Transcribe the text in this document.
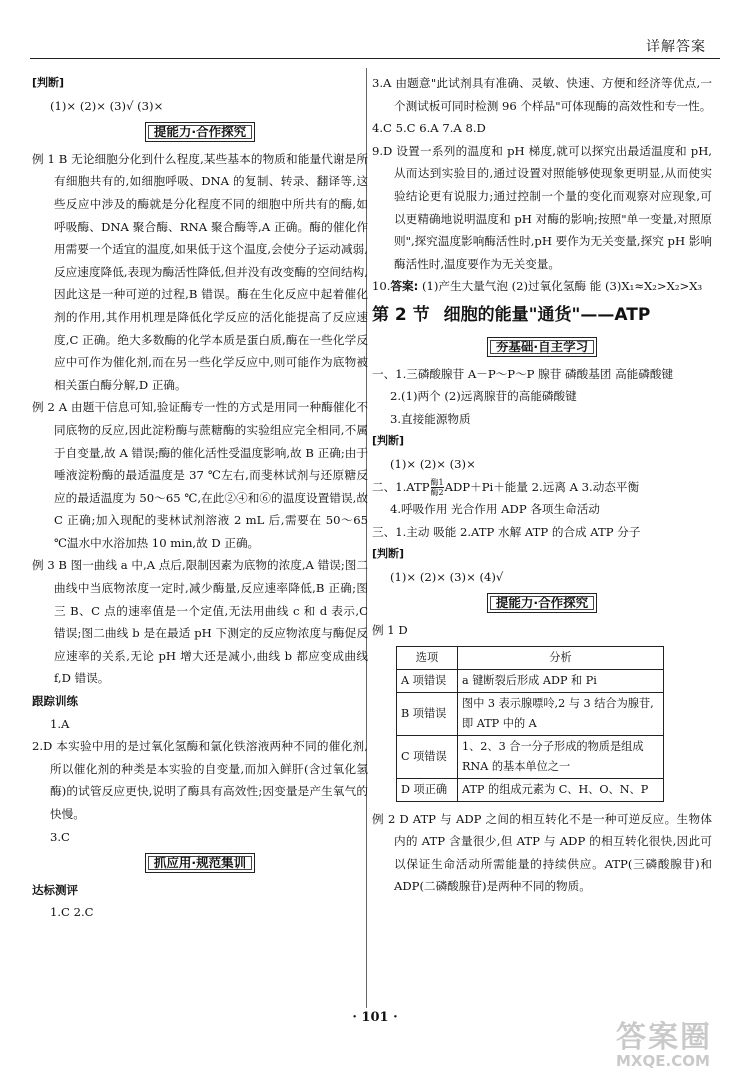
详解答案

[判断]

(1)× (2)× (3)√ (3)×

提能力·合作探究

例 1 B 无论细胞分化到什么程度,某些基本的物质和能量代谢是所有细胞共有的,如细胞呼吸、DNA 的复制、转录、翻译等,这些反应中涉及的酶就是分化程度不同的细胞中所共有的酶,如呼吸酶、DNA 聚合酶、RNA 聚合酶等,A 正确。酶的催化作用需要一个适宜的温度,如果低于这个温度,会使分子运动减弱,反应速度降低,表现为酶活性降低,但并没有改变酶的空间结构,因此这是一种可逆的过程,B 错误。酶在生化反应中起着催化剂的作用,其作用机理是降低化学反应的活化能提高了反应速度,C 正确。绝大多数酶的化学本质是蛋白质,酶在一些化学反应中可作为催化剂,而在另一些化学反应中,则可能作为底物被相关蛋白酶分解,D 正确。

例 2 A 由题干信息可知,验证酶专一性的方式是用同一种酶催化不同底物的反应,因此淀粉酶与蔗糖酶的实验组应完全相同,不属于自变量,故 A 错误;酶的催化活性受温度影响,故 B 正确;由于唾液淀粉酶的最适温度是 37 ℃左右,而斐林试剂与还原糖反应的最适温度为 50～65 ℃,在此②④和⑥的温度设置错误,故 C 正确;加入现配的斐林试剂溶液 2 mL 后,需要在 50～65 ℃温水中水浴加热 10 min,故 D 正确。

例 3 B 图一曲线 a 中,A 点后,限制因素为底物的浓度,A 错误;图二曲线中当底物浓度一定时,减少酶量,反应速率降低,B 正确;图三 B、C 点的速率值是一个定值,无法用曲线 c 和 d 表示,C 错误;图二曲线 b 是在最适 pH 下测定的反应物浓度与酶促反应速率的关系,无论 pH 增大还是减小,曲线 b 都应变成曲线 f,D 错误。

跟踪训练

1.A

2.D 本实验中用的是过氧化氢酶和氯化铁溶液两种不同的催化剂,所以催化剂的种类是本实验的自变量,而加入鲜肝(含过氧化氢酶)的试管反应更快,说明了酶具有高效性;因变量是产生氧气的快慢。

3.C

抓应用·规范集训

达标测评

1.C 2.C

3.A 由题意"此试剂具有准确、灵敏、快速、方便和经济等优点,一个测试板可同时检测 96 个样品"可体现酶的高效性和专一性。

4.C 5.C 6.A 7.A 8.D

9.D 设置一系列的温度和 pH 梯度,就可以探究出最适温度和 pH,从而达到实验目的,通过设置对照能够使现象更明显,从而使实验结论更有说服力;通过控制一个量的变化而观察对应现象,可以更精确地说明温度和 pH 对酶的影响;按照"单一变量,对照原则",探究温度影响酶活性时,pH 要作为无关变量,探究 pH 影响酶活性时,温度要作为无关变量。

10.答案: (1)产生大量气泡 (2)过氧化氢酶 能 (3)X₁≈X₂>X₂>X₃

第 2 节 细胞的能量"通货"——ATP
夯基础·自主学习

一、1.三磷酸腺苷 A－P～P～P 腺苷 磷酸基团 高能磷酸键

2.(1)两个 (2)远离腺苷的高能磷酸键

3.直接能源物质

[判断]

(1)× (2)× (3)×

二、$1.ATP \frac{\text{酶1}}{\text{酶2}} ADP+Pi+$能量 2.远离 A 3.动态平衡

4.呼吸作用 光合作用 ADP 各项生命活动

三、1.主动 吸能 2.ATP 水解 ATP 的合成 ATP 分子

[判断]

(1)× (2)× (3)× (4)√

提能力·合作探究

例 1 D

选项	分析
A 项错误	a 键断裂后形成 ADP 和 Pi
B 项错误	图中 3 表示腺嘌呤,2 与 3 结合为腺苷,即 ATP 中的 A
C 项错误	1、2、3 合一分子形成的物质是组成 RNA 的基本单位之一
D 项正确	ATP 的组成元素为 C、H、O、N、P

例 2 D ATP 与 ADP 之间的相互转化不是一种可逆反应。生物体内的 ATP 含量很少,但 ATP 与 ADP 的相互转化很快,因此可以保证生命活动所需能量的持续供应。ATP(三磷酸腺苷)和 ADP(二磷酸腺苷)是两种不同的物质。

· 101 ·
答案圈
MXQE.COM
